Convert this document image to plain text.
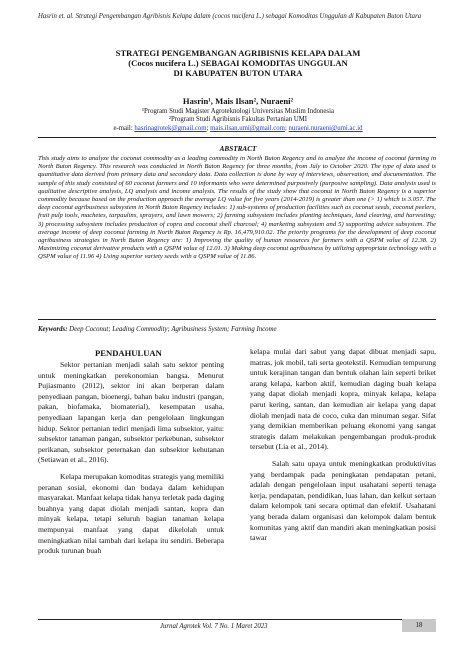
Hasrin et. al. Strategi Pengembangan Agribisnis Kelapa dalam (cocos nucifera L.) sebagai Komoditas Unggulan di Kabupaten Buton Utara
STRATEGI PENGEMBANGAN AGRIBISNIS KELAPA DALAM
(Cocos nucifera L.) SEBAGAI KOMODITAS UNGGULAN
DI KABUPATEN BUTON UTARA
Hasrin¹, Mais Ilsan², Nuraeni²
¹Program Studi Magister Agroteknologi Universitas Muslim Indonesia
²Program Studi Agribisnis Fakultas Pertanian UMI
e-mail: hasrinagrotek@gmail.com; mais.ilsan.umi@gmail.com; nuraeni.nuraeni@umi.ac.id
ABSTRACT
This study aims to analyze the coconut commodity as a leading commodity in North Buton Regency and to analyze the income of coconut farming in North Buton Regency. This research was conducted in North Buton Regency for three months, from July to October 2020. The type of data used is quantitative data derived from primary data and secondary data. Data collection is done by way of interviews, observation, and documentation. The sample of this study consisted of 60 coconut farmers and 10 informants who were determined purposively (purposive sampling). Data analysis used is qualitative descriptive analysis, LQ analysis and income analysis. The results of the study show that coconut in North Buton Regency is a superior commodity because based on the production approach the average LQ value for five years (2014-2019) is greater than one (> 1) which is 3.057. The deep coconut agribusiness subsystem in North Buton Regency includes: 1) sub-systems of production facilities such as coconut seeds, coconut peelers, fruit pulp tools, machetes, tarpaulins, sprayers, and lawn mowers; 2) farming subsystem includes planting techniques, land clearing, and harvesting; 3) processing subsystem includes production of copra and coconut shell charcoal; 4) marketing subsystem and 5) supporting advice subsystem. The average income of deep coconut farming in North Buton Regency is Rp. 16,479,910.02. The priority programs for the development of deep coconut agribusiness strategies in North Buton Regency are: 1) Improving the quality of human resources for farmers with a QSPM value of 12.38. 2) Maximizing coconut derivative products with a QSPM value of 12.01. 3) Making deep coconut agribusiness by utilizing appropriate technology with a QSPM value of 11.96 4) Using superior variety seeds with a QSPM value of 11.86.
Keywords: Deep Coconut; Leading Commodity; Agribusiness System; Farming Income
PENDAHULUAN

Sektor pertanian menjadi salah satu sektor penting untuk meningkatkan perekonomian bangsa. Menurut Pujiasmanto (2012), sektor ini akan berperan dalam penyediaan pangan, bioenergi, bahan baku industri (pangan, pakan, biofamaka, biomaterial), kesempatan usaha, penyediaan lapangan kerja dan pengelolaan lingkungan hidup. Sektor pertanian tediri menjadi lima subsektor, yaitu: subsektor tanaman pangan, subsektor perkebunan, subsektor perikanan, subsektor peternakan dan subsektor kehutanan (Setiawan et al., 2016).

Kelapa merupakan komoditas strategis yang memiliki peranan sosial, ekonomi dan budaya dalam kehidupan masyarakat. Manfaat kelapa tidak hanya terletak pada daging buahnya yang dapat diolah menjadi santan, kopra dan minyak kelapa, tetapi seluruh bagian tanaman kelapa mempunyai manfaat yang dapat dikelolah untuk meningkatkan nilai tambah dari kelapa itu sendiri. Beberapa produk turunan buah

kelapa mulai dari sabut yang dapat dibuat menjadi sapu, matras, jok mobil, tali serta geotekstil. Kemudian tempurung untuk kerajinan tangan dan bentuk olahan lain seperti briket arang kelapa, karbon aktif, kemudian daging buah kelapa yang dapat diolah menjadi kopra, minyak kelapa, kelapa parut kering, santan, dan kemudian air kelapa yang dapat diolah menjadi nata de coco, cuka dan minuman segar. Sifat yang demikian memberikan peluang ekonomi yang sangat strategis dalam melakukan pengembangan produk-produk tersebut (Lia et al., 2014).

Salah satu upaya untuk meningkatkan produktivitas yang berdampak pada peningkatan pendapatan petani, adalah dengan pengelolaan input usahatani seperti tenaga kerja, pendapatan, pendidikan, luas lahan, dan kelkut sertaan dalam kelompok tani secara optimal dan efektif. Usahatani yang berada dalam organisasi dan kelompok dalam bentuk komunitas yang aktif dan mandiri akan meningkatkan posisi tawar

Jurnal Agrotek Vol. 7 No. 1 Maret 2023	18
